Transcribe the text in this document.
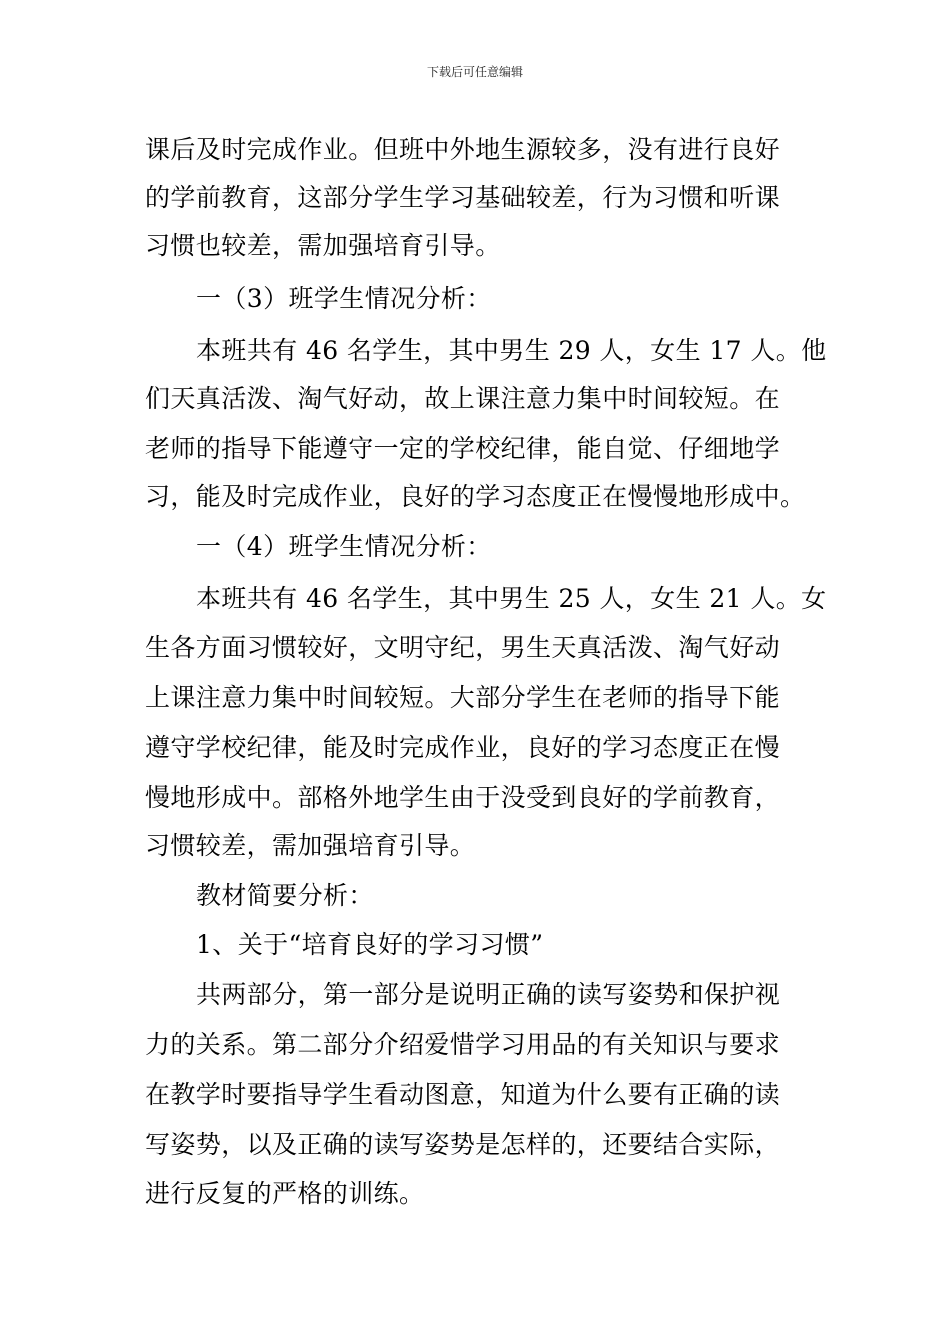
下载后可任意编辑
课后及时完成作业。但班中外地生源较多，没有进行良好
的学前教育，这部分学生学习基础较差，行为习惯和听课
习惯也较差，需加强培育引导。
一（3）班学生情况分析：
本班共有 46 名学生，其中男生 29 人，女生 17 人。他
们天真活泼、淘气好动，故上课注意力集中时间较短。在
老师的指导下能遵守一定的学校纪律，能自觉、仔细地学
习，能及时完成作业，良好的学习态度正在慢慢地形成中。
一（4）班学生情况分析：
本班共有 46 名学生，其中男生 25 人，女生 21 人。女
生各方面习惯较好，文明守纪，男生天真活泼、淘气好动
上课注意力集中时间较短。大部分学生在老师的指导下能
遵守学校纪律，能及时完成作业，良好的学习态度正在慢
慢地形成中。部格外地学生由于没受到良好的学前教育，
习惯较差，需加强培育引导。
教材简要分析：
1、关于“培育良好的学习习惯”
共两部分，第一部分是说明正确的读写姿势和保护视
力的关系。第二部分介绍爱惜学习用品的有关知识与要求
在教学时要指导学生看动图意，知道为什么要有正确的读
写姿势，以及正确的读写姿势是怎样的，还要结合实际，
进行反复的严格的训练。
